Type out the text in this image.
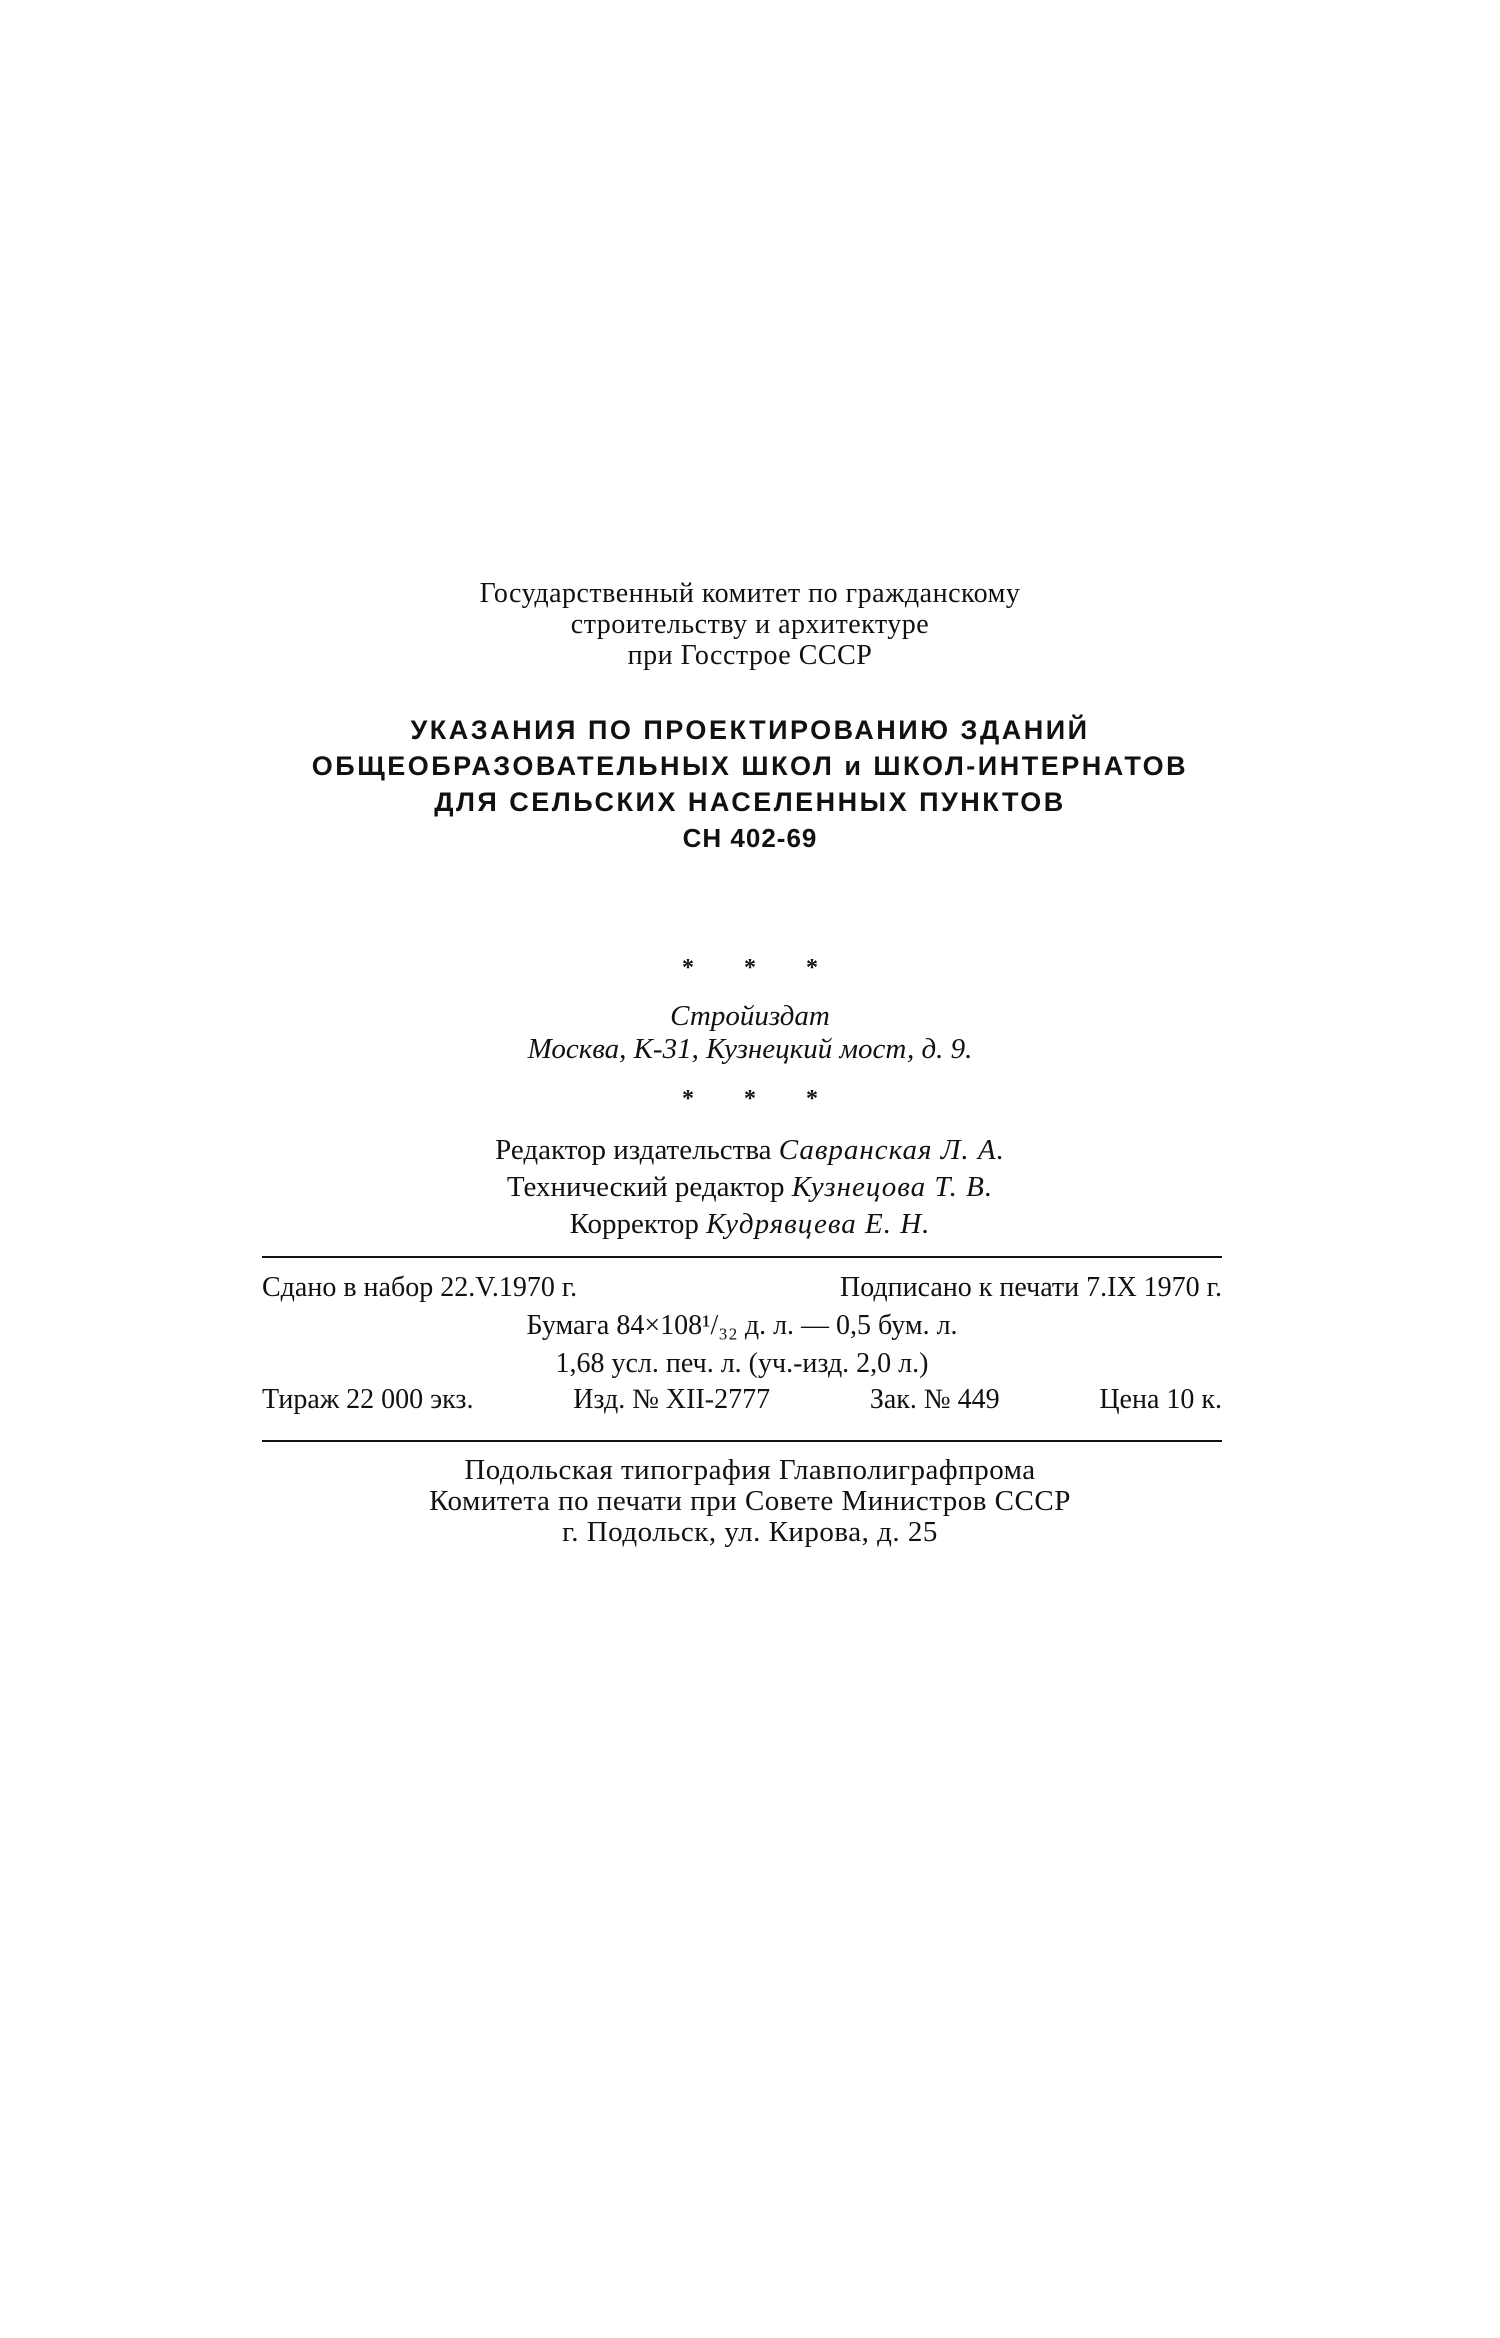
Государственный комитет по гражданскому
строительству и архитектуре
при Госстрое СССР
УКАЗАНИЯ ПО ПРОЕКТИРОВАНИЮ ЗДАНИЙ
ОБЩЕОБРАЗОВАТЕЛЬНЫХ ШКОЛ и ШКОЛ-ИНТЕРНАТОВ
ДЛЯ СЕЛЬСКИХ НАСЕЛЕННЫХ ПУНКТОВ
СН 402-69
* * *
Стройиздат
Москва, К-31, Кузнецкий мост, д. 9.
* * *
Редактор издательства Савранская Л. А.
Технический редактор Кузнецова Т. В.
Корректор Кудрявцева Е. Н.
Сдано в набор 22.V.1970 г.	Подписано к печати 7.IX 1970 г.
Бумага 84×108¹/₃₂ д. л. — 0,5 бум. л.
1,68 усл. печ. л. (уч.-изд. 2,0 л.)
Тираж 22 000 экз.	Изд. № XII-2777	Зак. № 449	Цена 10 к.
Подольская типография Главполиграфпрома
Комитета по печати при Совете Министров СССР
г. Подольск, ул. Кирова, д. 25
